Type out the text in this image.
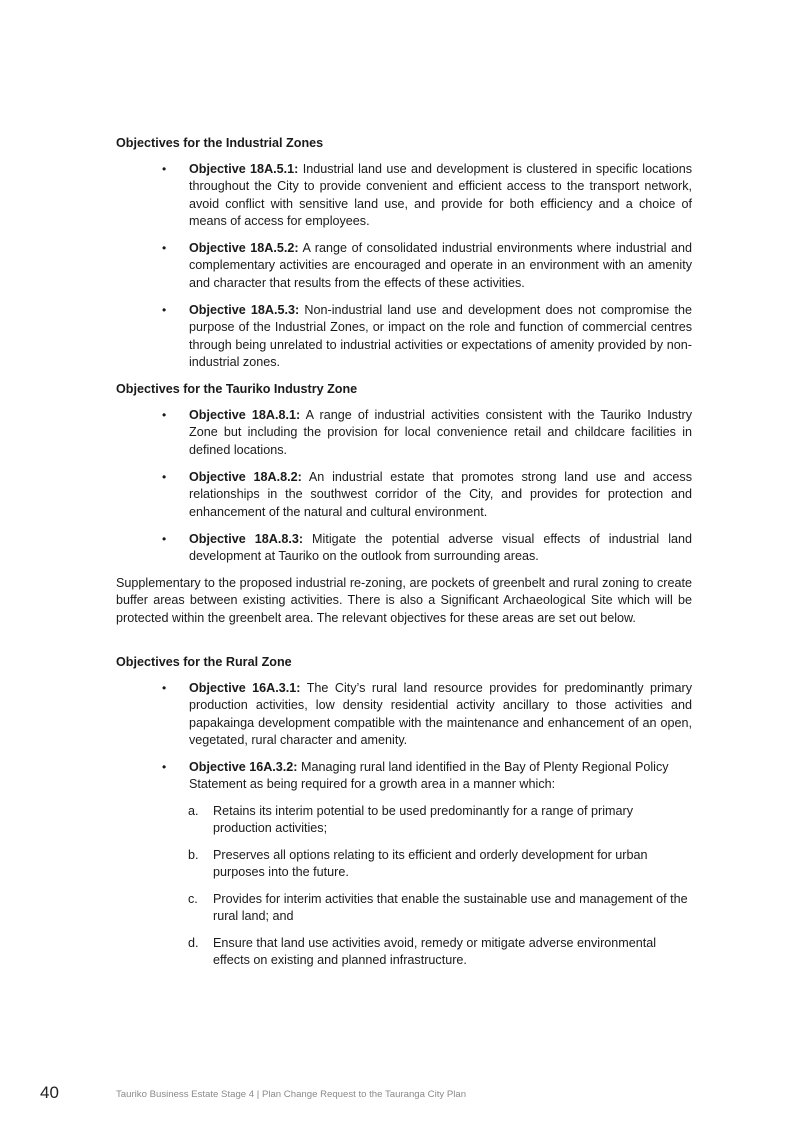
Objectives for the Industrial Zones
• Objective 18A.5.1: Industrial land use and development is clustered in specific locations throughout the City to provide convenient and efficient access to the transport network, avoid conflict with sensitive land use, and provide for both efficiency and a choice of means of access for employees.
• Objective 18A.5.2: A range of consolidated industrial environments where industrial and complementary activities are encouraged and operate in an environment with an amenity and character that results from the effects of these activities.
• Objective 18A.5.3: Non-industrial land use and development does not compromise the purpose of the Industrial Zones, or impact on the role and function of commercial centres through being unrelated to industrial activities or expectations of amenity provided by non-industrial zones.
Objectives for the Tauriko Industry Zone
• Objective 18A.8.1: A range of industrial activities consistent with the Tauriko Industry Zone but including the provision for local convenience retail and childcare facilities in defined locations.
• Objective 18A.8.2: An industrial estate that promotes strong land use and access relationships in the southwest corridor of the City, and provides for protection and enhancement of the natural and cultural environment.
• Objective 18A.8.3: Mitigate the potential adverse visual effects of industrial land development at Tauriko on the outlook from surrounding areas.
Supplementary to the proposed industrial re-zoning, are pockets of greenbelt and rural zoning to create buffer areas between existing activities. There is also a Significant Archaeological Site which will be protected within the greenbelt area. The relevant objectives for these areas are set out below.
Objectives for the Rural Zone
• Objective 16A.3.1: The City’s rural land resource provides for predominantly primary production activities, low density residential activity ancillary to those activities and papakainga development compatible with the maintenance and enhancement of an open, vegetated, rural character and amenity.
• Objective 16A.3.2: Managing rural land identified in the Bay of Plenty Regional Policy Statement as being required for a growth area in a manner which:
a. Retains its interim potential to be used predominantly for a range of primary production activities;
b. Preserves all options relating to its efficient and orderly development for urban purposes into the future.
c. Provides for interim activities that enable the sustainable use and management of the rural land; and
d. Ensure that land use activities avoid, remedy or mitigate adverse environmental effects on existing and planned infrastructure.
40	Tauriko Business Estate Stage 4 | Plan Change Request to the Tauranga City Plan
